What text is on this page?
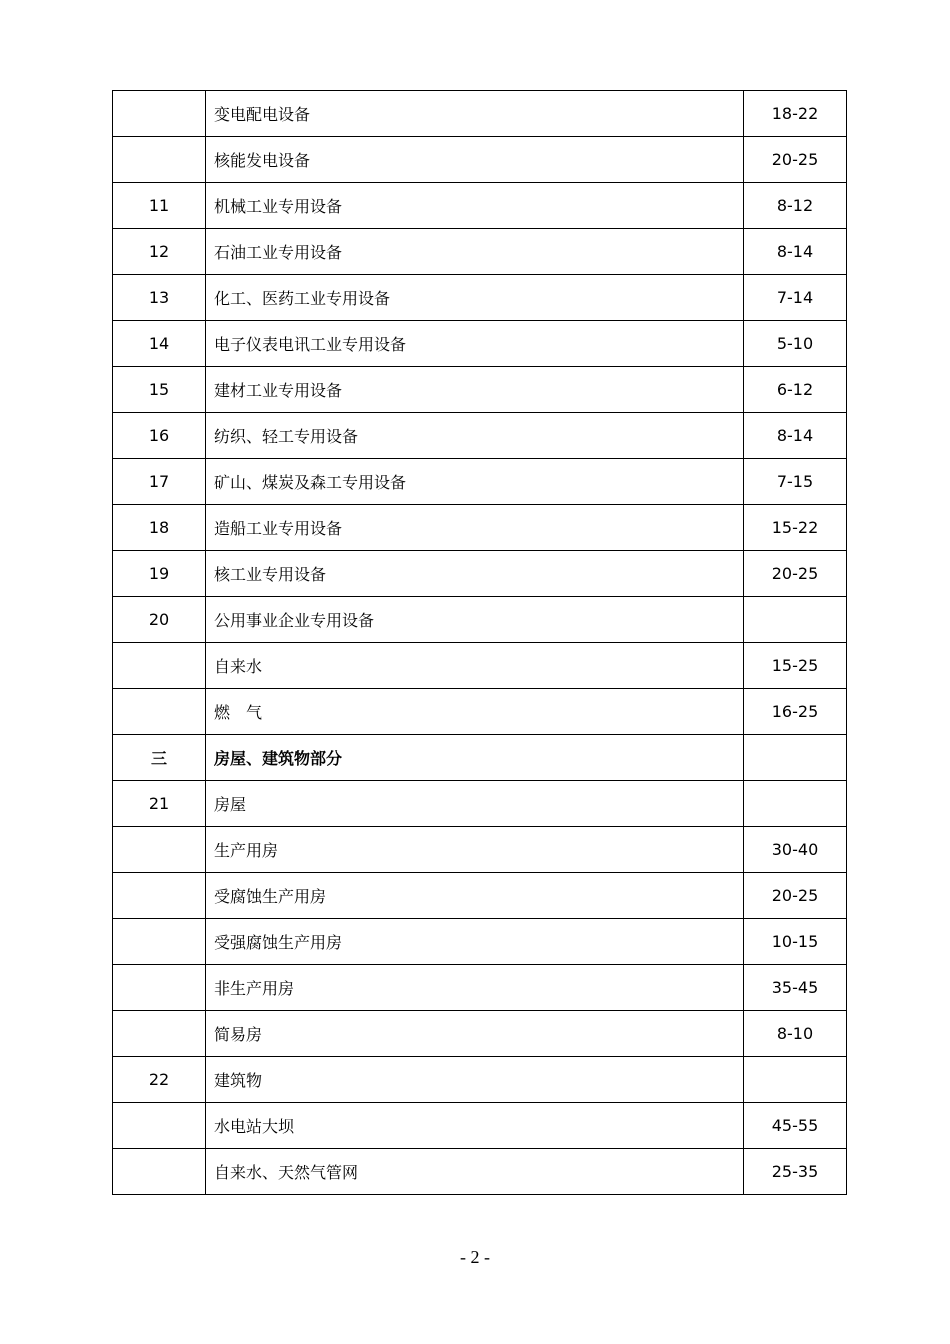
	变电配电设备	18-22
	核能发电设备	20-25
11	机械工业专用设备	8-12
12	石油工业专用设备	8-14
13	化工、医药工业专用设备	7-14
14	电子仪表电讯工业专用设备	5-10
15	建材工业专用设备	6-12
16	纺织、轻工专用设备	8-14
17	矿山、煤炭及森工专用设备	7-15
18	造船工业专用设备	15-22
19	核工业专用设备	20-25
20	公用事业企业专用设备	
	自来水	15-25
	燃　气	16-25
三	房屋、建筑物部分	
21	房屋	
	生产用房	30-40
	受腐蚀生产用房	20-25
	受强腐蚀生产用房	10-15
	非生产用房	35-45
	简易房	8-10
22	建筑物	
	水电站大坝	45-55
	自来水、天然气管网	25-35
- 2 -
